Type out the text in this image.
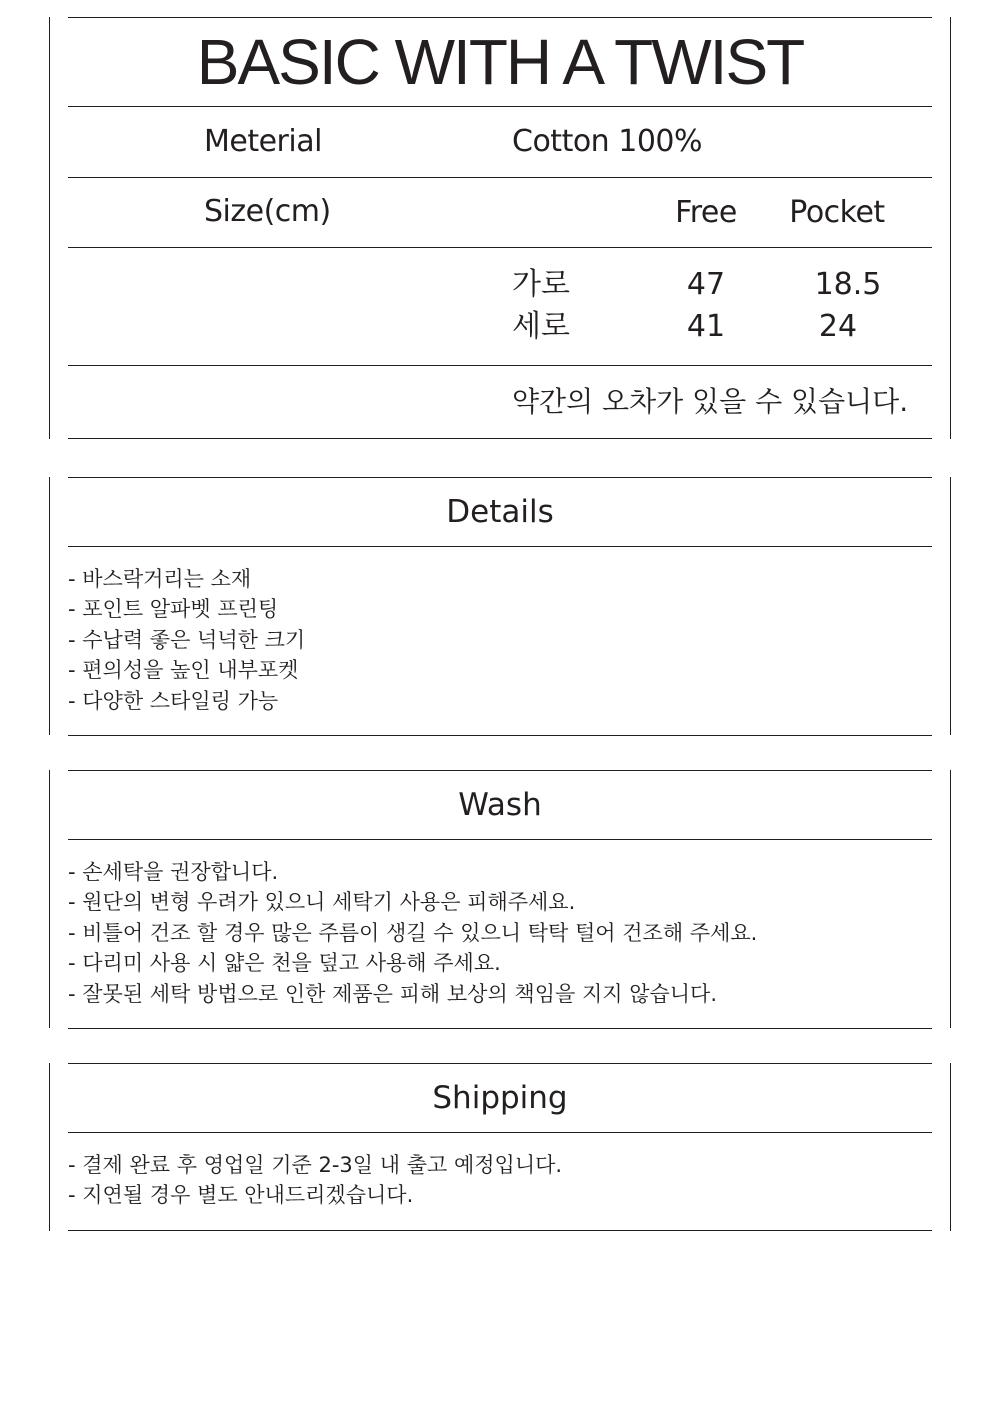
BASIC WITH A TWIST
Meterial	Cotton 100%
Size(cm)	Free	Pocket
가로	47	18.5
세로	41	24
약간의 오차가 있을 수 있습니다.
Details
- 바스락거리는 소재
- 포인트 알파벳 프린팅
- 수납력 좋은 넉넉한 크기
- 편의성을 높인 내부포켓
- 다양한 스타일링 가능
Wash
- 손세탁을 권장합니다.
- 원단의 변형 우려가 있으니 세탁기 사용은 피해주세요.
- 비틀어 건조 할 경우 많은 주름이 생길 수 있으니 탁탁 털어 건조해 주세요.
- 다리미 사용 시 얇은 천을 덮고 사용해 주세요.
- 잘못된 세탁 방법으로 인한 제품은 피해 보상의 책임을 지지 않습니다.
Shipping
- 결제 완료 후 영업일 기준 2-3일 내 출고 예정입니다.
- 지연될 경우 별도 안내드리겠습니다.
